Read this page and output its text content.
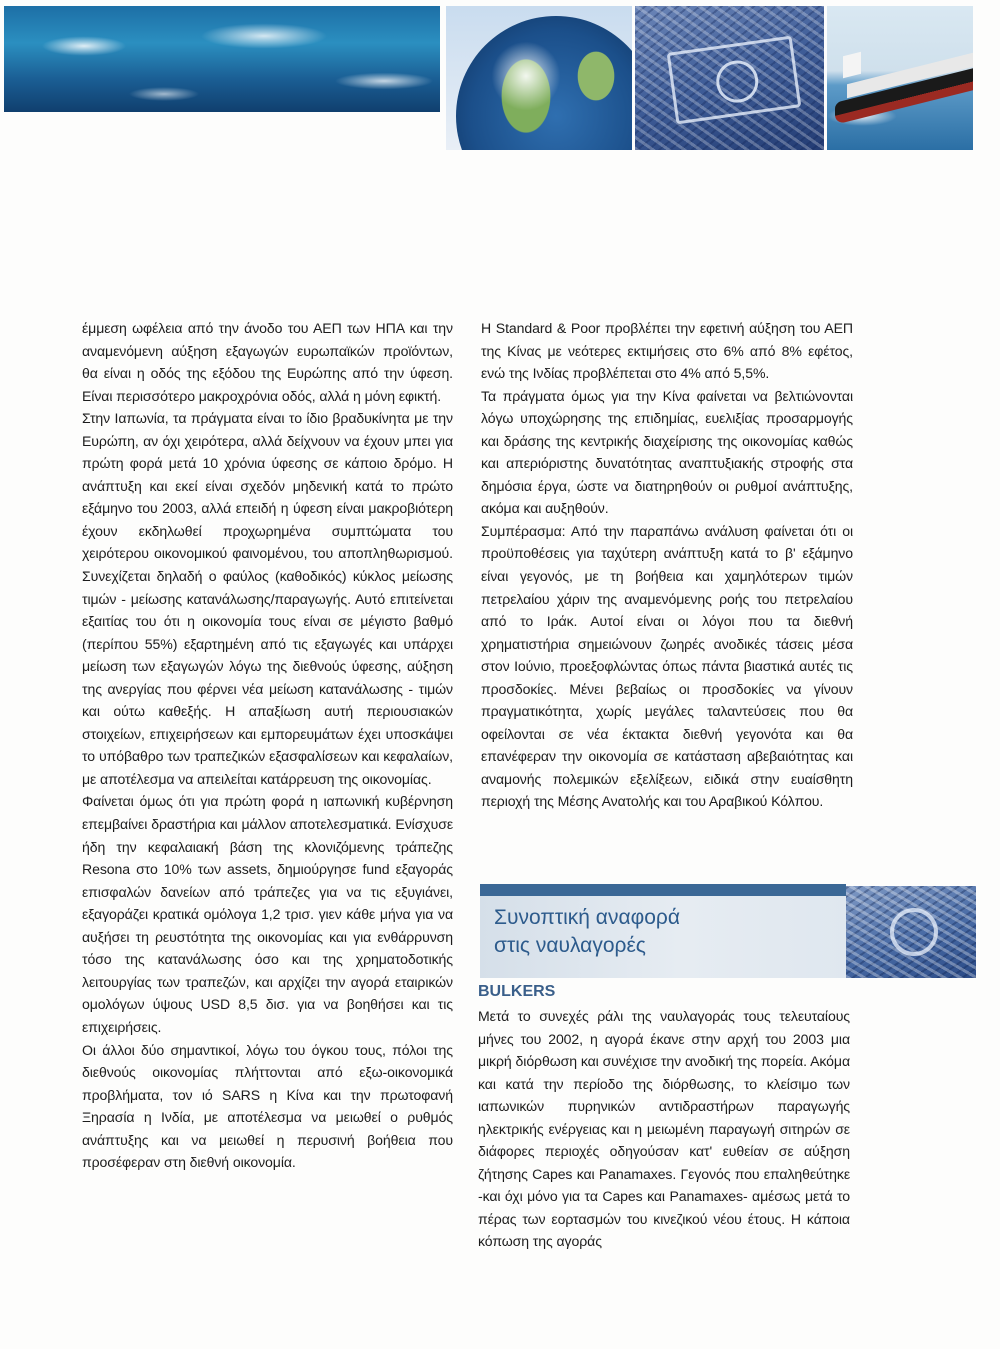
έμμεση ωφέλεια από την άνοδο του ΑΕΠ των ΗΠΑ και την αναμενόμενη αύξηση εξαγωγών ευρωπαϊκών προϊόντων, θα είναι η οδός της εξόδου της Ευρώπης από την ύφεση. Είναι περισσότερο μακροχρόνια οδός, αλλά η μόνη εφικτή.

Στην Ιαπωνία, τα πράγματα είναι το ίδιο βραδυκίνητα με την Ευρώπη, αν όχι χειρότερα, αλλά δείχνουν να έχουν μπει για πρώτη φορά μετά 10 χρόνια ύφεσης σε κάποιο δρόμο. Η ανάπτυξη και εκεί είναι σχεδόν μηδενική κατά το πρώτο εξάμηνο του 2003, αλλά επειδή η ύφεση είναι μακροβιότερη έχουν εκδηλωθεί προχωρημένα συμπτώματα του χειρότερου οικονομικού φαινομένου, του αποπληθωρισμού. Συνεχίζεται δηλαδή ο φαύλος (καθοδικός) κύκλος μείωσης τιμών - μείωσης κατανάλωσης/παραγωγής. Αυτό επιτείνεται εξαιτίας του ότι η οικονομία τους είναι σε μέγιστο βαθμό (περίπου 55%) εξαρτημένη από τις εξαγωγές και υπάρχει μείωση των εξαγωγών λόγω της διεθνούς ύφεσης, αύξηση της ανεργίας που φέρνει νέα μείωση κατανάλωσης - τιμών και ούτω καθεξής. Η απαξίωση αυτή περιουσιακών στοιχείων, επιχειρήσεων και εμπορευμάτων έχει υποσκάψει το υπόβαθρο των τραπεζικών εξασφαλίσεων και κεφαλαίων, με αποτέλεσμα να απειλείται κατάρρευση της οικονομίας.

Φαίνεται όμως ότι για πρώτη φορά η ιαπωνική κυβέρνηση επεμβαίνει δραστήρια και μάλλον αποτελεσματικά. Ενίσχυσε ήδη την κεφαλαιακή βάση της κλονιζόμενης τράπεζης Resona στο 10% των assets, δημιούργησε fund εξαγοράς επισφαλών δανείων από τράπεζες για να τις εξυγιάνει, εξαγοράζει κρατικά ομόλογα 1,2 τρισ. γιεν κάθε μήνα για να αυξήσει τη ρευστότητα της οικονομίας και για ενθάρρυνση τόσο της κατανάλωσης όσο και της χρηματοδοτικής λειτουργίας των τραπεζών, και αρχίζει την αγορά εταιρικών ομολόγων ύψους USD 8,5 δισ. για να βοηθήσει και τις επιχειρήσεις.

Οι άλλοι δύο σημαντικοί, λόγω του όγκου τους, πόλοι της διεθνούς οικονομίας πλήττονται από εξω-οικονομικά προβλήματα, τον ιό SARS η Κίνα και την πρωτοφανή Ξηρασία η Ινδία, με αποτέλεσμα να μειωθεί ο ρυθμός ανάπτυξης και να μειωθεί η περυσινή βοήθεια που προσέφεραν στη διεθνή οικονομία.

Η Standard & Poor προβλέπει την εφετινή αύξηση του ΑΕΠ της Κίνας με νεότερες εκτιμήσεις στο 6% από 8% εφέτος, ενώ της Ινδίας προβλέπεται στο 4% από 5,5%.

Τα πράγματα όμως για την Κίνα φαίνεται να βελτιώνονται λόγω υποχώρησης της επιδημίας, ευελιξίας προσαρμογής και δράσης της κεντρικής διαχείρισης της οικονομίας καθώς και απεριόριστης δυνατότητας αναπτυξιακής στροφής στα δημόσια έργα, ώστε να διατηρηθούν οι ρυθμοί ανάπτυξης, ακόμα και αυξηθούν.

Συμπέρασμα: Από την παραπάνω ανάλυση φαίνεται ότι οι προϋποθέσεις για ταχύτερη ανάπτυξη κατά το β' εξάμηνο είναι γεγονός, με τη βοήθεια και χαμηλότερων τιμών πετρελαίου χάριν της αναμενόμενης ροής του πετρελαίου από το Ιράκ. Αυτοί είναι οι λόγοι που τα διεθνή χρηματιστήρια σημειώνουν ζωηρές ανοδικές τάσεις μέσα στον Ιούνιο, προεξοφλώντας όπως πάντα βιαστικά αυτές τις προσδοκίες. Μένει βεβαίως οι προσδοκίες να γίνουν πραγματικότητα, χωρίς μεγάλες ταλαντεύσεις που θα οφείλονται σε νέα έκτακτα διεθνή γεγονότα και θα επανέφεραν την οικονομία σε κατάσταση αβεβαιότητας και αναμονής πολεμικών εξελίξεων, ειδικά στην ευαίσθητη περιοχή της Μέσης Ανατολής και του Αραβικού Κόλπου.

Συνοπτική αναφορά
στις ναυλαγορές
BULKERS
Μετά το συνεχές ράλι της ναυλαγοράς τους τελευταίους μήνες του 2002, η αγορά έκανε στην αρχή του 2003 μια μικρή διόρθωση και συνέχισε την ανοδική της πορεία. Ακόμα και κατά την περίοδο της διόρθωσης, το κλείσιμο των ιαπωνικών πυρηνικών αντιδραστήρων παραγωγής ηλεκτρικής ενέργειας και η μειωμένη παραγωγή σιτηρών σε διάφορες περιοχές οδηγούσαν κατ' ευθείαν σε αύξηση ζήτησης Capes και Panamaxes. Γεγονός που επαληθεύτηκε -και όχι μόνο για τα Capes και Panamaxes- αμέσως μετά το πέρας των εορτασμών του κινεζικού νέου έτους. Η κάποια κόπωση της αγοράς
